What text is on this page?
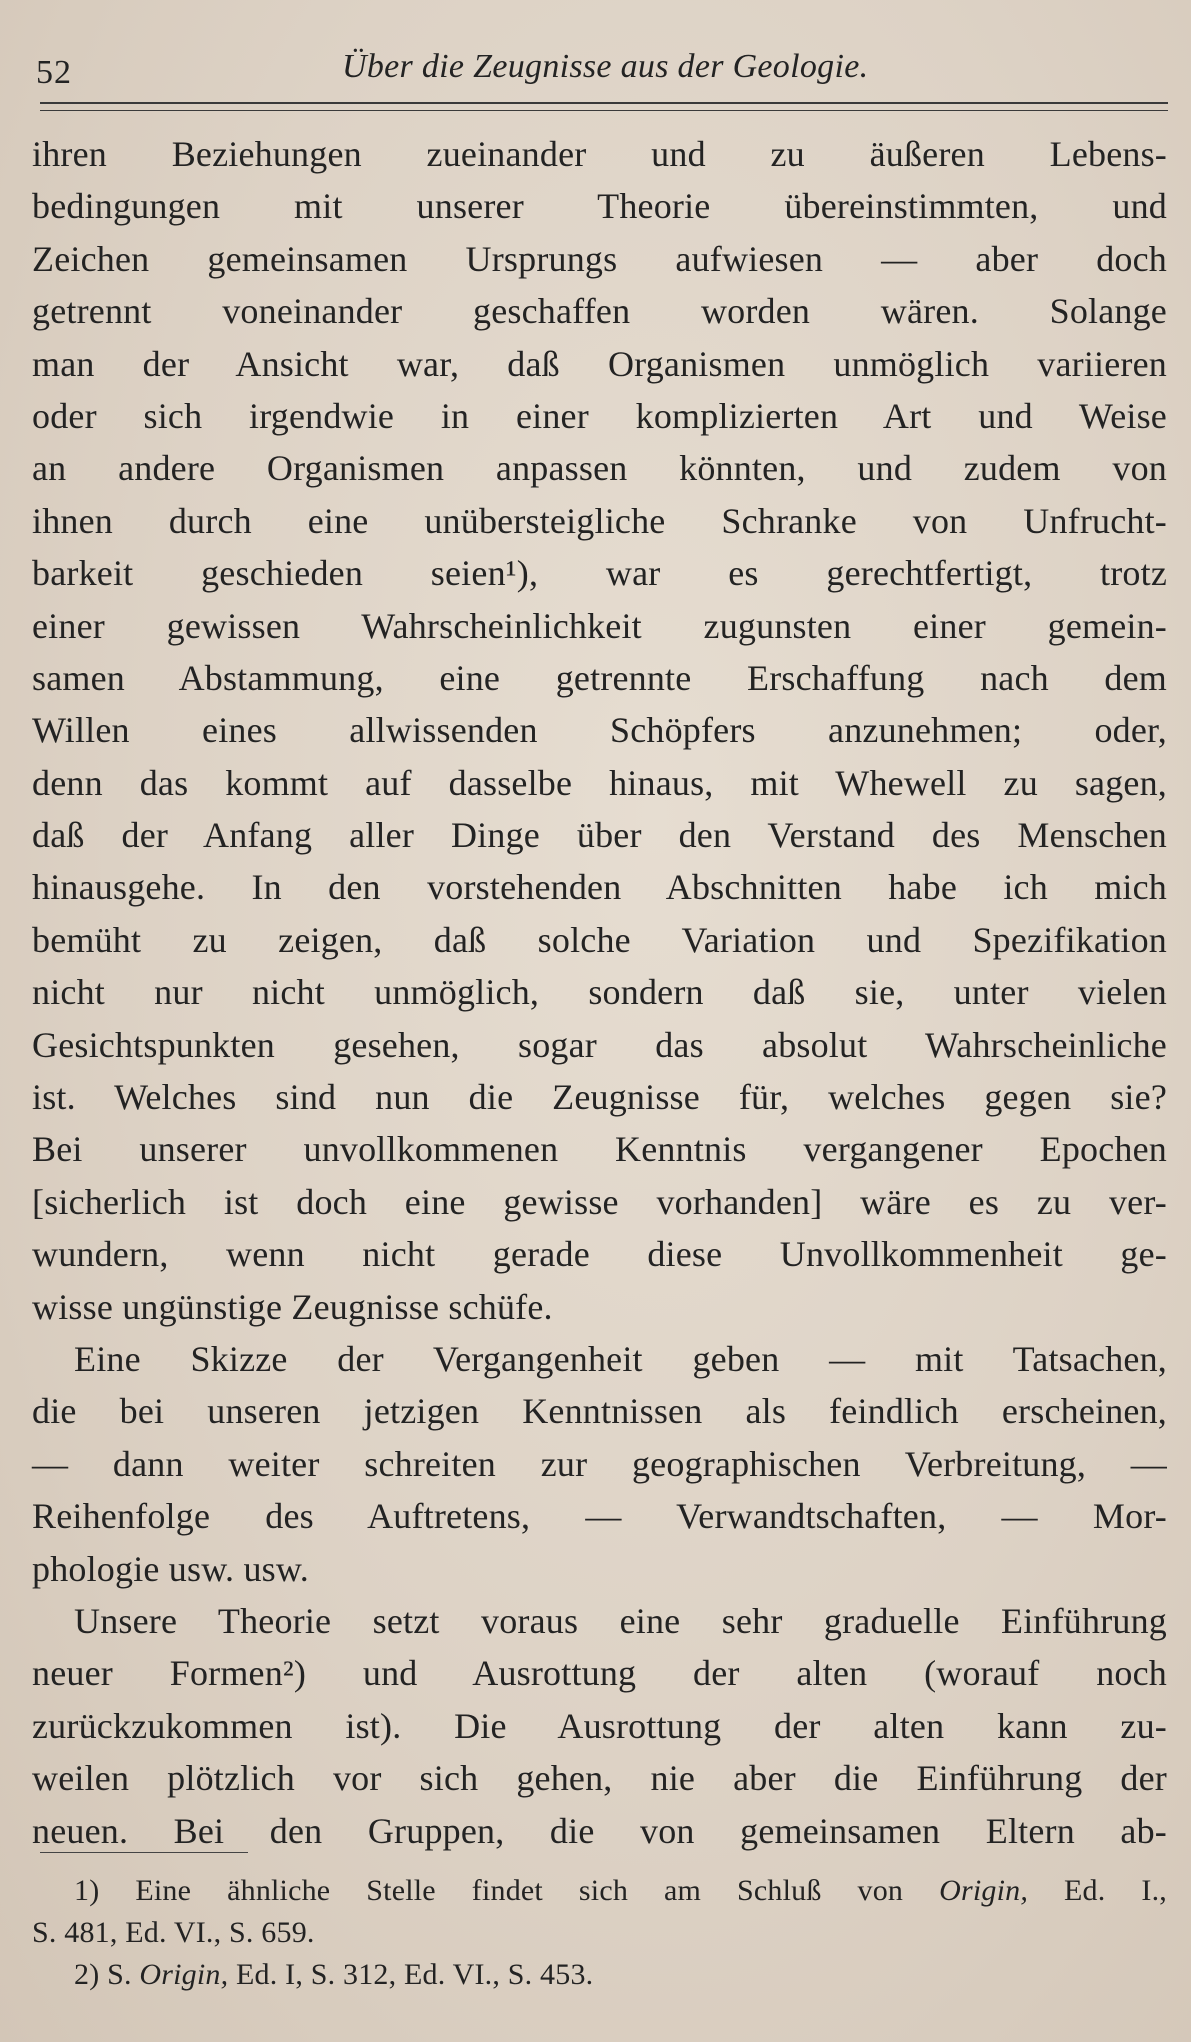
52	Über die Zeugnisse aus der Geologie.
ihren Beziehungen zueinander und zu äußeren Lebens-
bedingungen mit unserer Theorie übereinstimmten, und
Zeichen gemeinsamen Ursprungs aufwiesen — aber doch
getrennt voneinander geschaffen worden wären. Solange
man der Ansicht war, daß Organismen unmöglich variieren
oder sich irgendwie in einer komplizierten Art und Weise
an andere Organismen anpassen könnten, und zudem von
ihnen durch eine unübersteigliche Schranke von Unfrucht-
barkeit geschieden seien¹), war es gerechtfertigt, trotz
einer gewissen Wahrscheinlichkeit zugunsten einer gemein-
samen Abstammung, eine getrennte Erschaffung nach dem
Willen eines allwissenden Schöpfers anzunehmen; oder,
denn das kommt auf dasselbe hinaus, mit Whewell zu sagen,
daß der Anfang aller Dinge über den Verstand des Menschen
hinausgehe. In den vorstehenden Abschnitten habe ich mich
bemüht zu zeigen, daß solche Variation und Spezifikation
nicht nur nicht unmöglich, sondern daß sie, unter vielen
Gesichtspunkten gesehen, sogar das absolut Wahrscheinliche
ist. Welches sind nun die Zeugnisse für, welches gegen sie?
Bei unserer unvollkommenen Kenntnis vergangener Epochen
[sicherlich ist doch eine gewisse vorhanden] wäre es zu ver-
wundern, wenn nicht gerade diese Unvollkommenheit ge-
wisse ungünstige Zeugnisse schüfe.
Eine Skizze der Vergangenheit geben — mit Tatsachen,
die bei unseren jetzigen Kenntnissen als feindlich erscheinen,
— dann weiter schreiten zur geographischen Verbreitung, —
Reihenfolge des Auftretens, — Verwandtschaften, — Mor-
phologie usw. usw.
Unsere Theorie setzt voraus eine sehr graduelle Einführung
neuer Formen²) und Ausrottung der alten (worauf noch
zurückzukommen ist). Die Ausrottung der alten kann zu-
weilen plötzlich vor sich gehen, nie aber die Einführung der
neuen. Bei den Gruppen, die von gemeinsamen Eltern ab-
1) Eine ähnliche Stelle findet sich am Schluß von Origin, Ed. I.,
S. 481, Ed. VI., S. 659.
2) S. Origin, Ed. I, S. 312, Ed. VI., S. 453.
